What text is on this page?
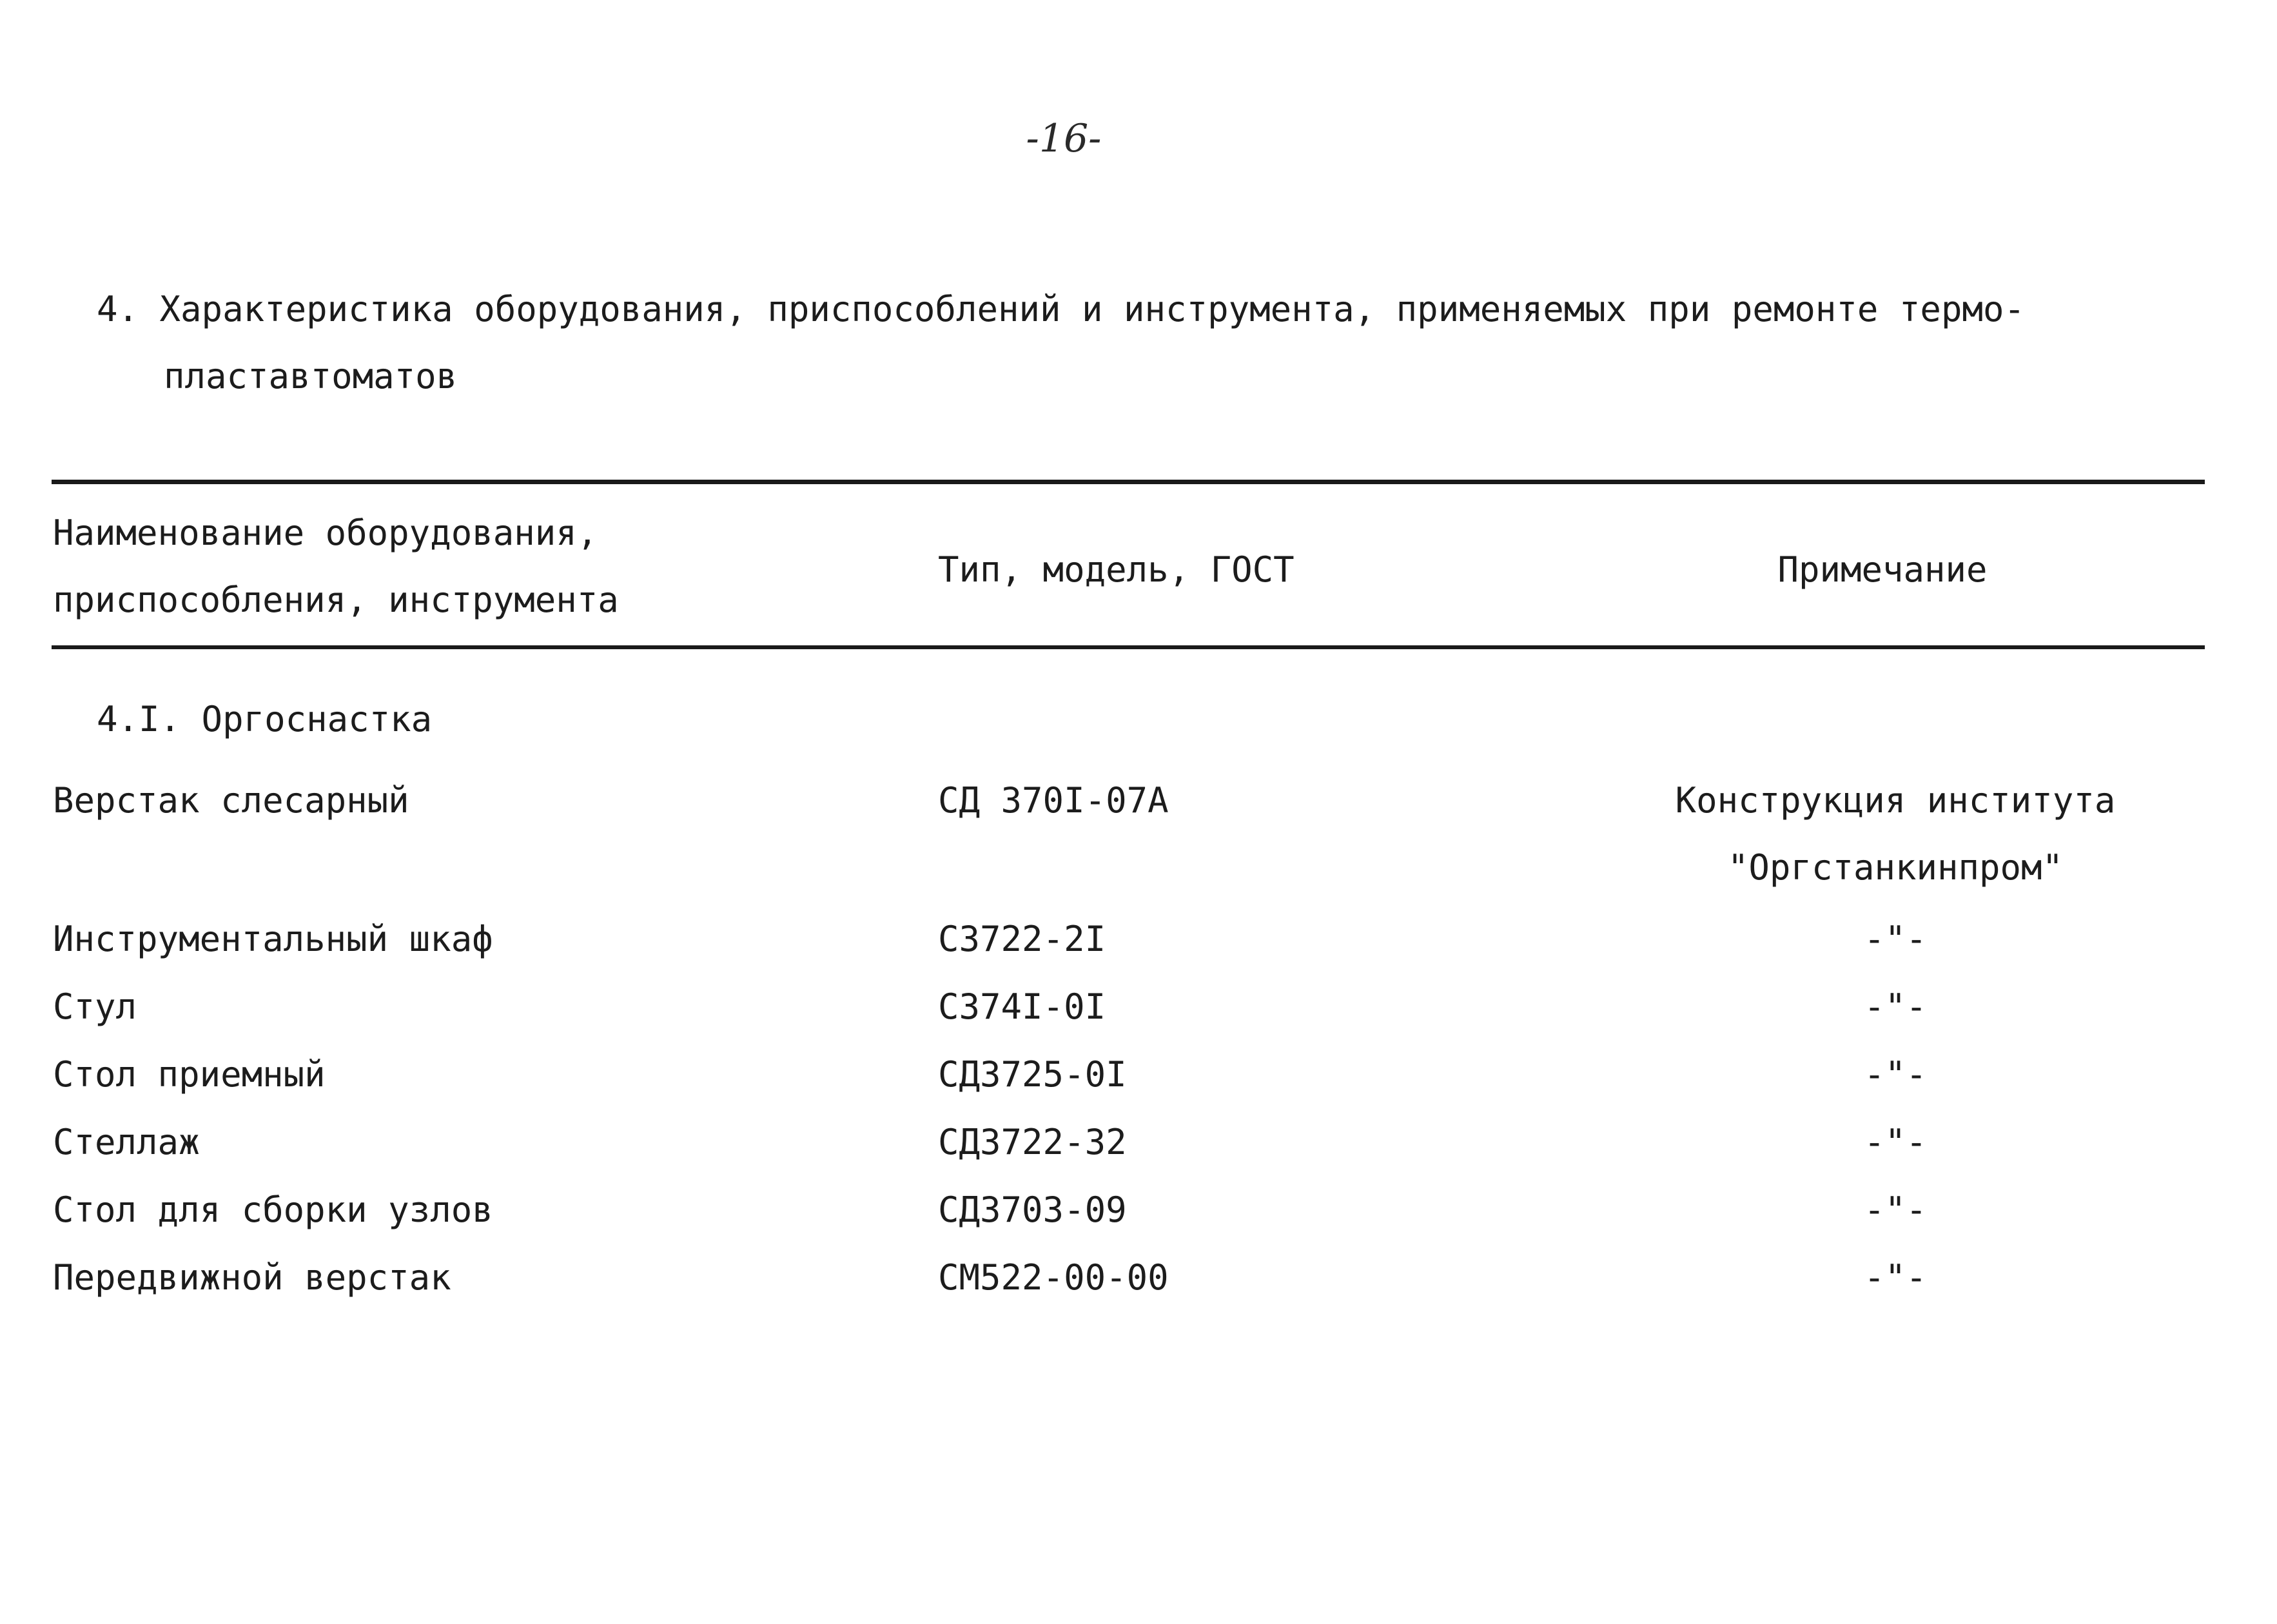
-16-
4. Характеристика оборудования, приспособлений и инструмента, применяемых при ремонте термо-
пластавтоматов
Наименование оборудования,
приспособления, инструмента
Тип, модель, ГОСТ	Примечание
4.I. Оргоснастка
Верстак слесарный	СД 370I-07А	Конструкция института
"Оргстанкинпром"
Инструментальный шкаф	С3722-2I	-"-
Стул	С374I-0I	-"-
Стол приемный	СД3725-0I	-"-
Стеллаж	СД3722-32	-"-
Стол для сборки узлов	СД3703-09	-"-
Передвижной верстак	СМ522-00-00	-"-
